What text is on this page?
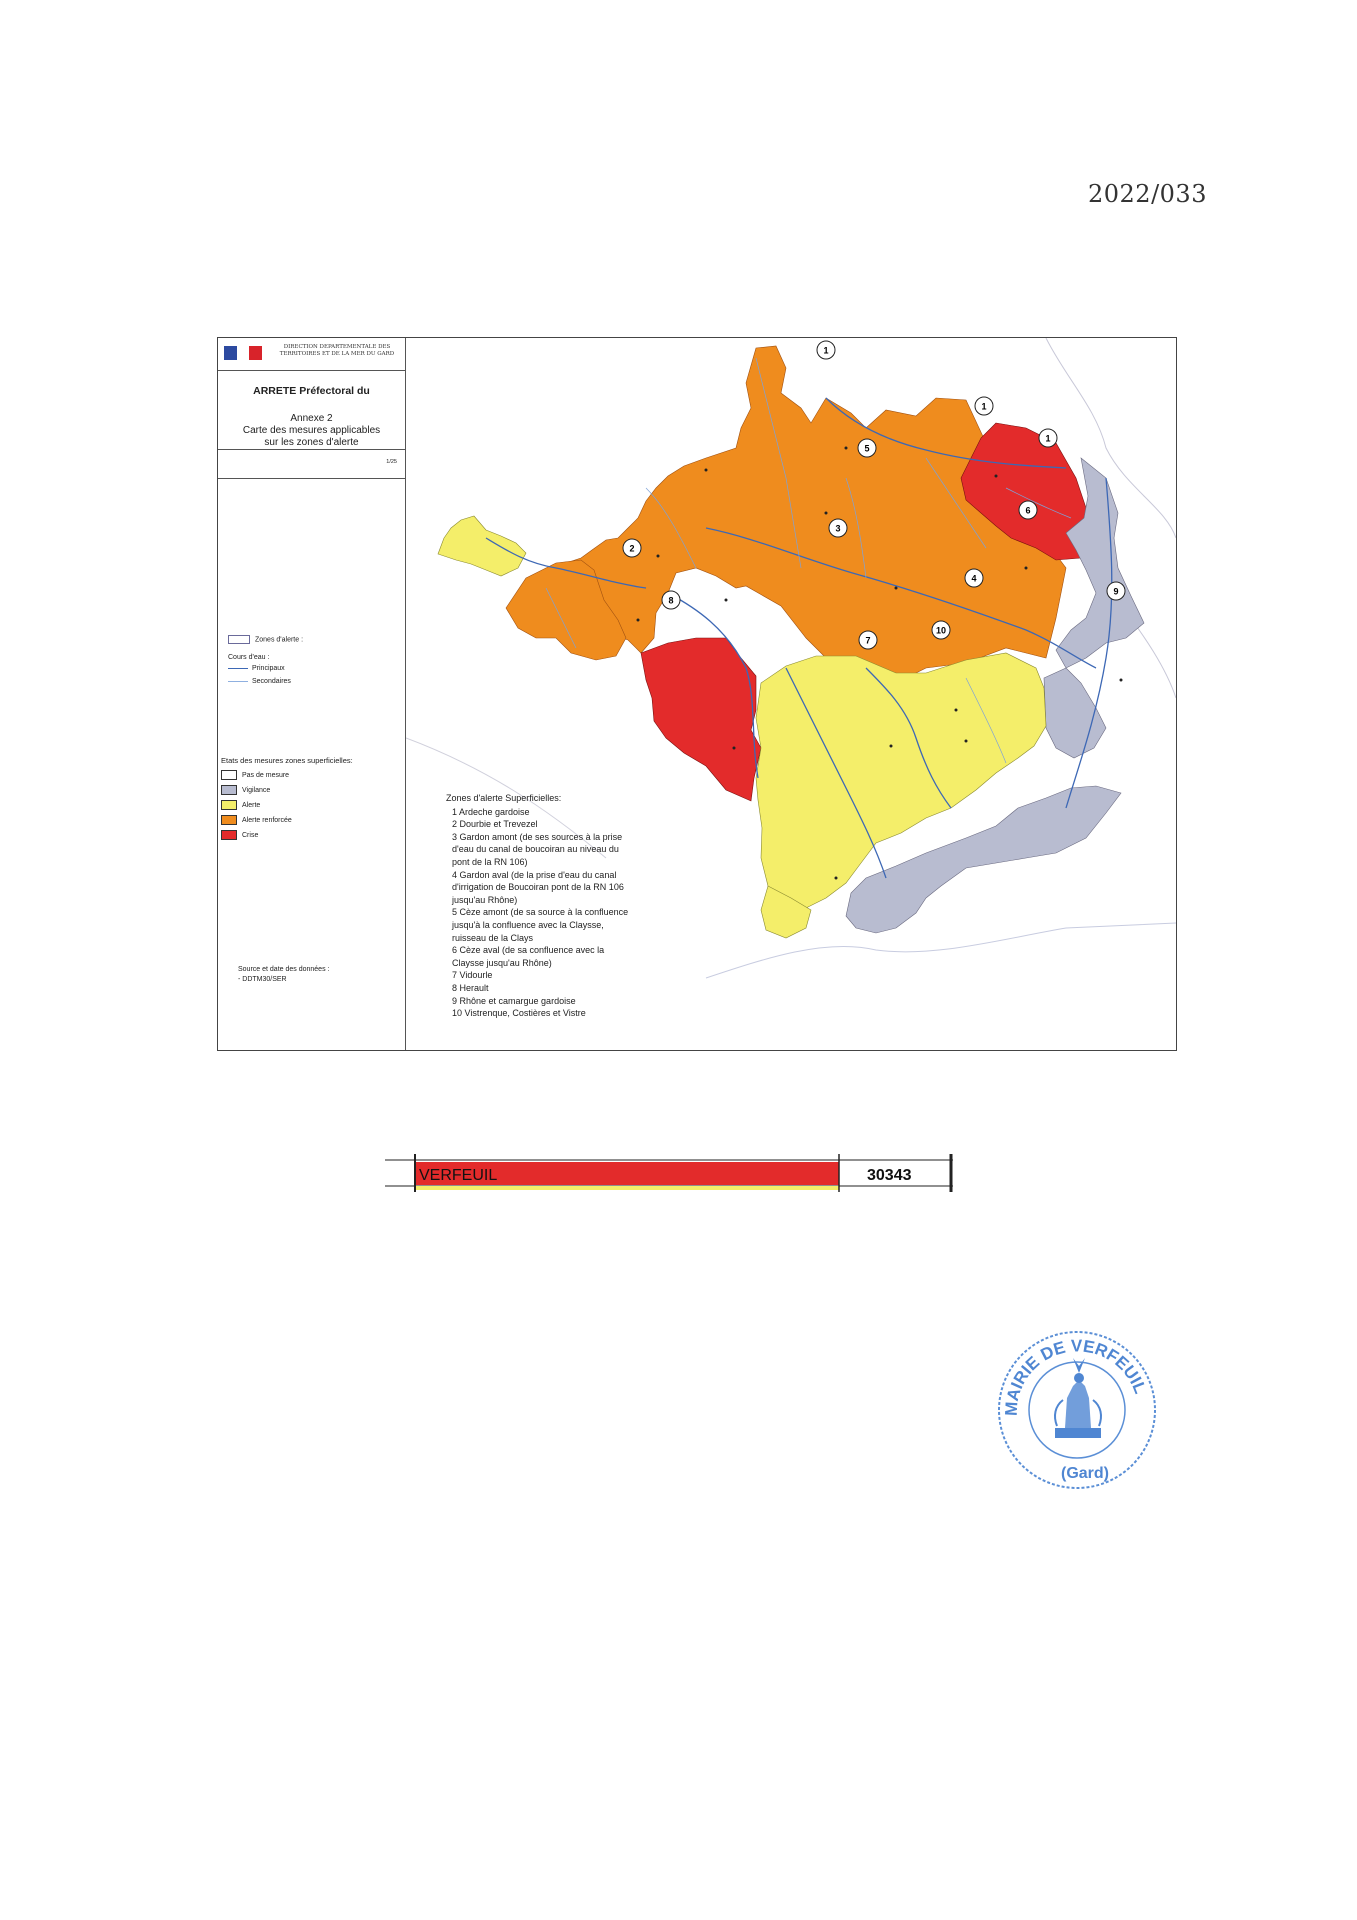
2022/033
DIRECTION DEPARTEMENTALE DES TERRITOIRES ET DE LA MER DU GARD
ARRETE Préfectoral du
Annexe 2
Carte des mesures applicables
sur les zones d'alerte
1/25
Zones d'alerte :
Cours d'eau :
Principaux
Secondaires
Etats des mesures zones superficielles:
Pas de mesure
Vigilance
Alerte
Alerte renforcée
Crise
Source et date des données :
- DDTM30/SER
1
1
1
2
3
4
5
6
7
8
9
10
Zones d'alerte Superficielles:
1 Ardeche gardoise
2 Dourbie et Trevezel
3 Gardon amont (de ses sources à la prise d'eau du canal de boucoiran au niveau du pont de la RN 106)
4 Gardon aval (de la prise d'eau du canal d'irrigation de Boucoiran pont de la RN 106 jusqu'au Rhône)
5 Cèze amont (de sa source à la confluence jusqu'à la confluence avec la Claysse, ruisseau de la Clays
6 Cèze aval (de sa confluence avec la Claysse jusqu'au Rhône)
7 Vidourle
8 Herault
9 Rhône et camargue gardoise
10 Vistrenque, Costières et Vistre
VERFEUIL	30343
MAIRIE DE VERFEUIL
(Gard)
